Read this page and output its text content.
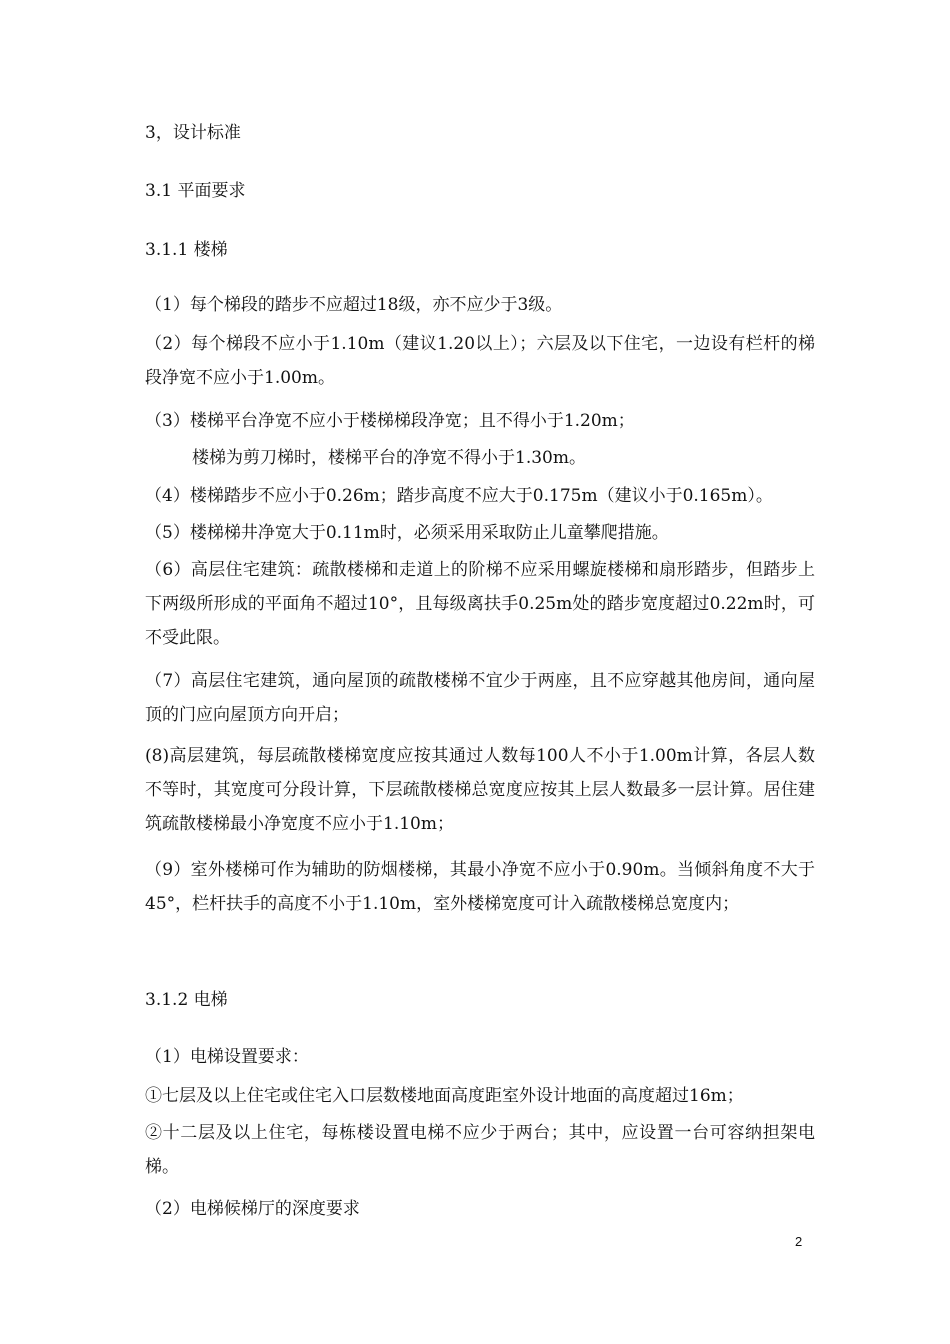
3，设计标准
3.1 平面要求
3.1.1 楼梯
（1）每个梯段的踏步不应超过18级，亦不应少于3级。
（2）每个梯段不应小于1.10m（建议1.20以上）；六层及以下住宅，一边设有栏杆的梯段净宽不应小于1.00m。
（3）楼梯平台净宽不应小于楼梯梯段净宽；且不得小于1.20m；
楼梯为剪刀梯时，楼梯平台的净宽不得小于1.30m。
（4）楼梯踏步不应小于0.26m；踏步高度不应大于0.175m（建议小于0.165m）。
（5）楼梯梯井净宽大于0.11m时，必须采用采取防止儿童攀爬措施。
（6）高层住宅建筑：疏散楼梯和走道上的阶梯不应采用螺旋楼梯和扇形踏步，但踏步上下两级所形成的平面角不超过10°，且每级离扶手0.25m处的踏步宽度超过0.22m时，可不受此限。
（7）高层住宅建筑，通向屋顶的疏散楼梯不宜少于两座，且不应穿越其他房间，通向屋顶的门应向屋顶方向开启；
(8)高层建筑，每层疏散楼梯宽度应按其通过人数每100人不小于1.00m计算，各层人数不等时，其宽度可分段计算，下层疏散楼梯总宽度应按其上层人数最多一层计算。居住建筑疏散楼梯最小净宽度不应小于1.10m；
（9）室外楼梯可作为辅助的防烟楼梯，其最小净宽不应小于0.90m。当倾斜角度不大于45°，栏杆扶手的高度不小于1.10m，室外楼梯宽度可计入疏散楼梯总宽度内；
3.1.2 电梯
（1）电梯设置要求：
①七层及以上住宅或住宅入口层数楼地面高度距室外设计地面的高度超过16m；
②十二层及以上住宅，每栋楼设置电梯不应少于两台；其中，应设置一台可容纳担架电梯。
（2）电梯候梯厅的深度要求
2
